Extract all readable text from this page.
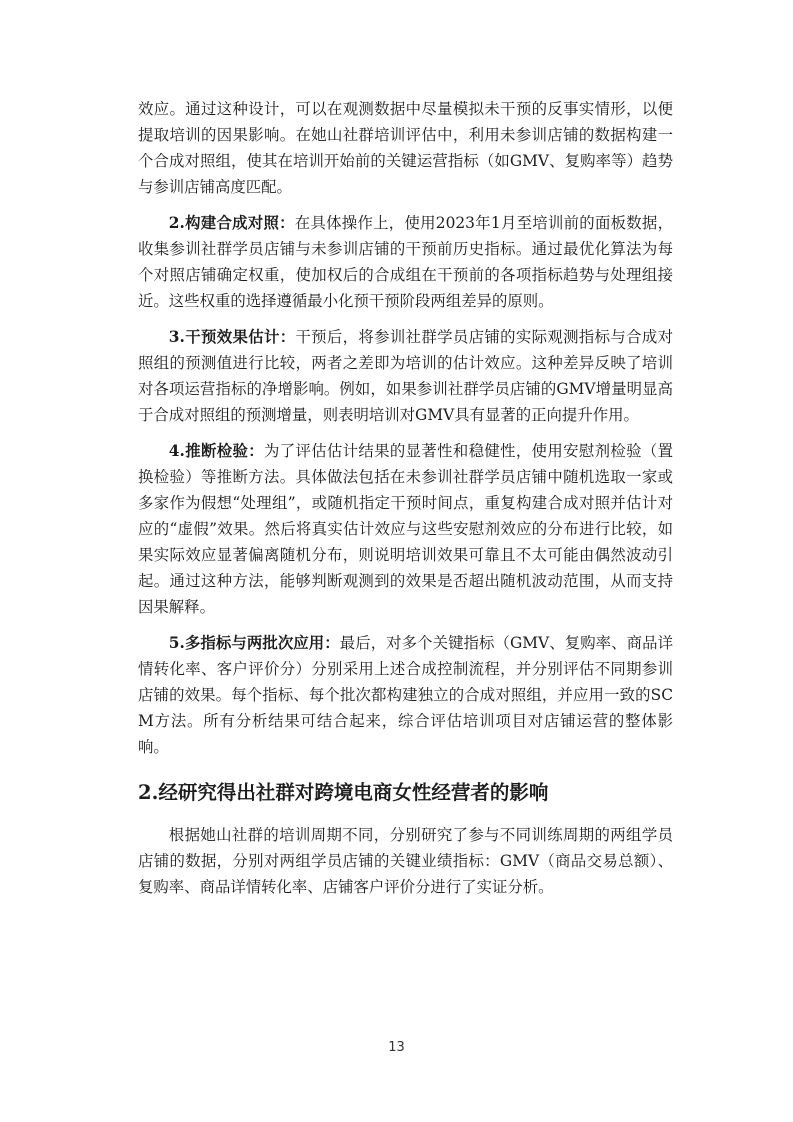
效应。通过这种设计，可以在观测数据中尽量模拟未干预的反事实情形，以便提取培训的因果影响。在她山社群培训评估中，利用未参训店铺的数据构建一个合成对照组，使其在培训开始前的关键运营指标（如GMV、复购率等）趋势与参训店铺高度匹配。

2.构建合成对照：在具体操作上，使用2023年1月至培训前的面板数据，收集参训社群学员店铺与未参训店铺的干预前历史指标。通过最优化算法为每个对照店铺确定权重，使加权后的合成组在干预前的各项指标趋势与处理组接近。这些权重的选择遵循最小化预干预阶段两组差异的原则。

3.干预效果估计：干预后，将参训社群学员店铺的实际观测指标与合成对照组的预测值进行比较，两者之差即为培训的估计效应。这种差异反映了培训对各项运营指标的净增影响。例如，如果参训社群学员店铺的GMV增量明显高于合成对照组的预测增量，则表明培训对GMV具有显著的正向提升作用。

4.推断检验：为了评估估计结果的显著性和稳健性，使用安慰剂检验（置换检验）等推断方法。具体做法包括在未参训社群学员店铺中随机选取一家或多家作为假想“处理组”，或随机指定干预时间点，重复构建合成对照并估计对应的“虚假”效果。然后将真实估计效应与这些安慰剂效应的分布进行比较，如果实际效应显著偏离随机分布，则说明培训效果可靠且不太可能由偶然波动引起。通过这种方法，能够判断观测到的效果是否超出随机波动范围，从而支持因果解释。

5.多指标与两批次应用：最后，对多个关键指标（GMV、复购率、商品详情转化率、客户评价分）分别采用上述合成控制流程，并分别评估不同期参训店铺的效果。每个指标、每个批次都构建独立的合成对照组，并应用一致的SCM方法。所有分析结果可结合起来，综合评估培训项目对店铺运营的整体影响。

2.经研究得出社群对跨境电商女性经营者的影响

根据她山社群的培训周期不同，分别研究了参与不同训练周期的两组学员店铺的数据，分别对两组学员店铺的关键业绩指标：GMV（商品交易总额）、复购率、商品详情转化率、店铺客户评价分进行了实证分析。

13
